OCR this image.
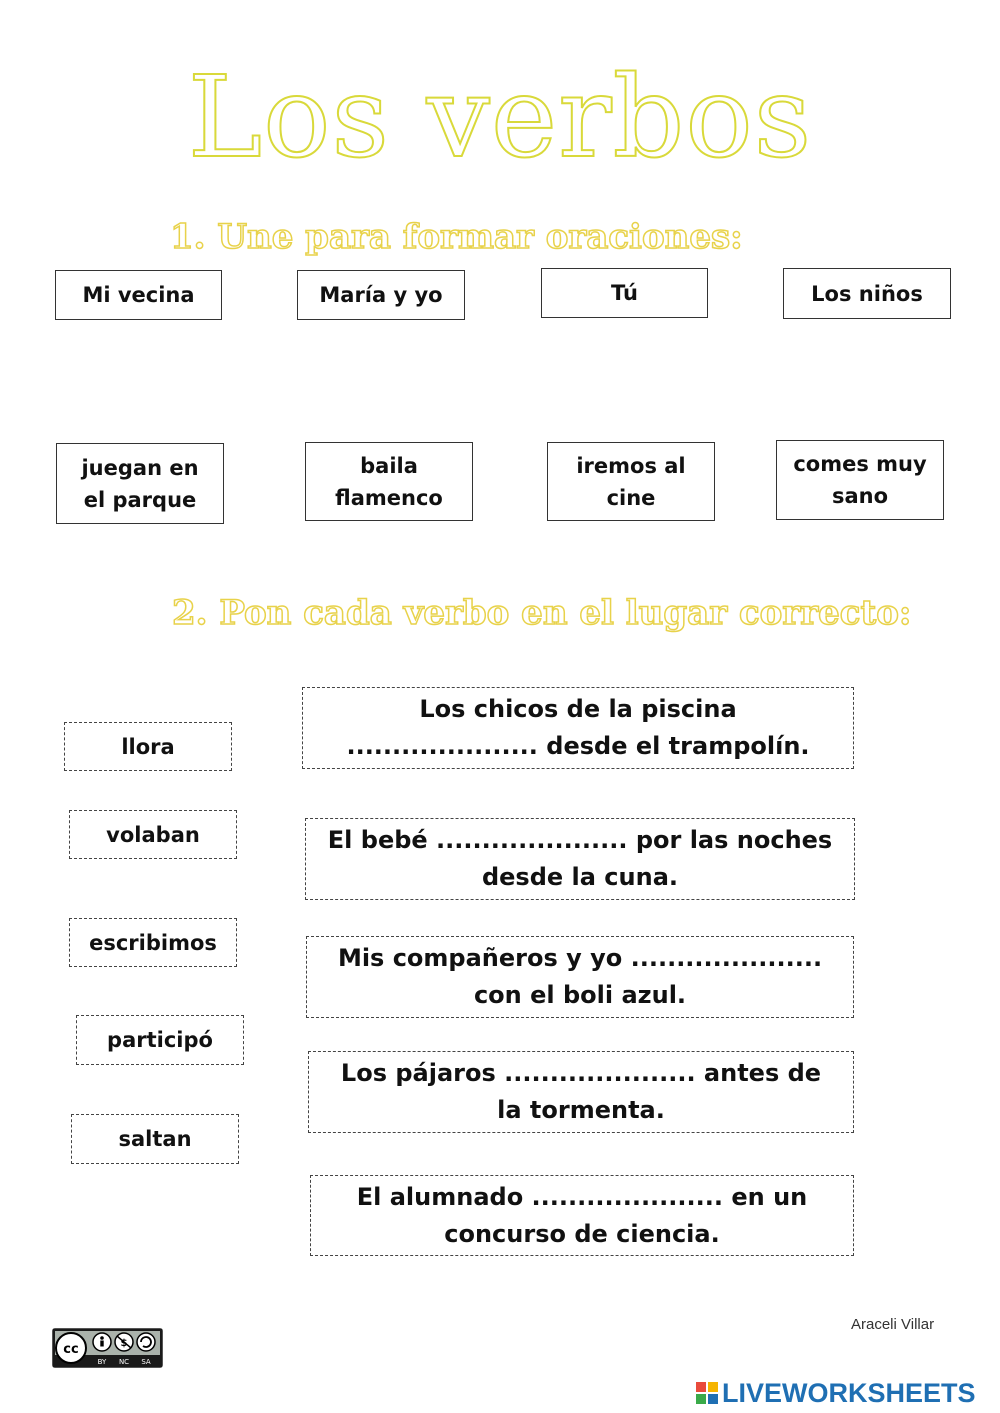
Los verbos
1. Une para formar oraciones:
Mi vecina	María y yo	Tú	Los niños
juegan en el parque
baila flamenco
iremos al cine
comes muy sano
2. Pon cada verbo en el lugar correcto:
llora
volaban
escribimos
participó
saltan
Los chicos de la piscina ..................... desde el trampolín.
El bebé ..................... por las noches desde la cuna.
Mis compañeros y yo ..................... con el boli azul.
Los pájaros ..................... antes de la tormenta.
El alumnado ..................... en un concurso de ciencia.
Araceli Villar
cc	$
BY NC SA
LIVEWORKSHEETS
